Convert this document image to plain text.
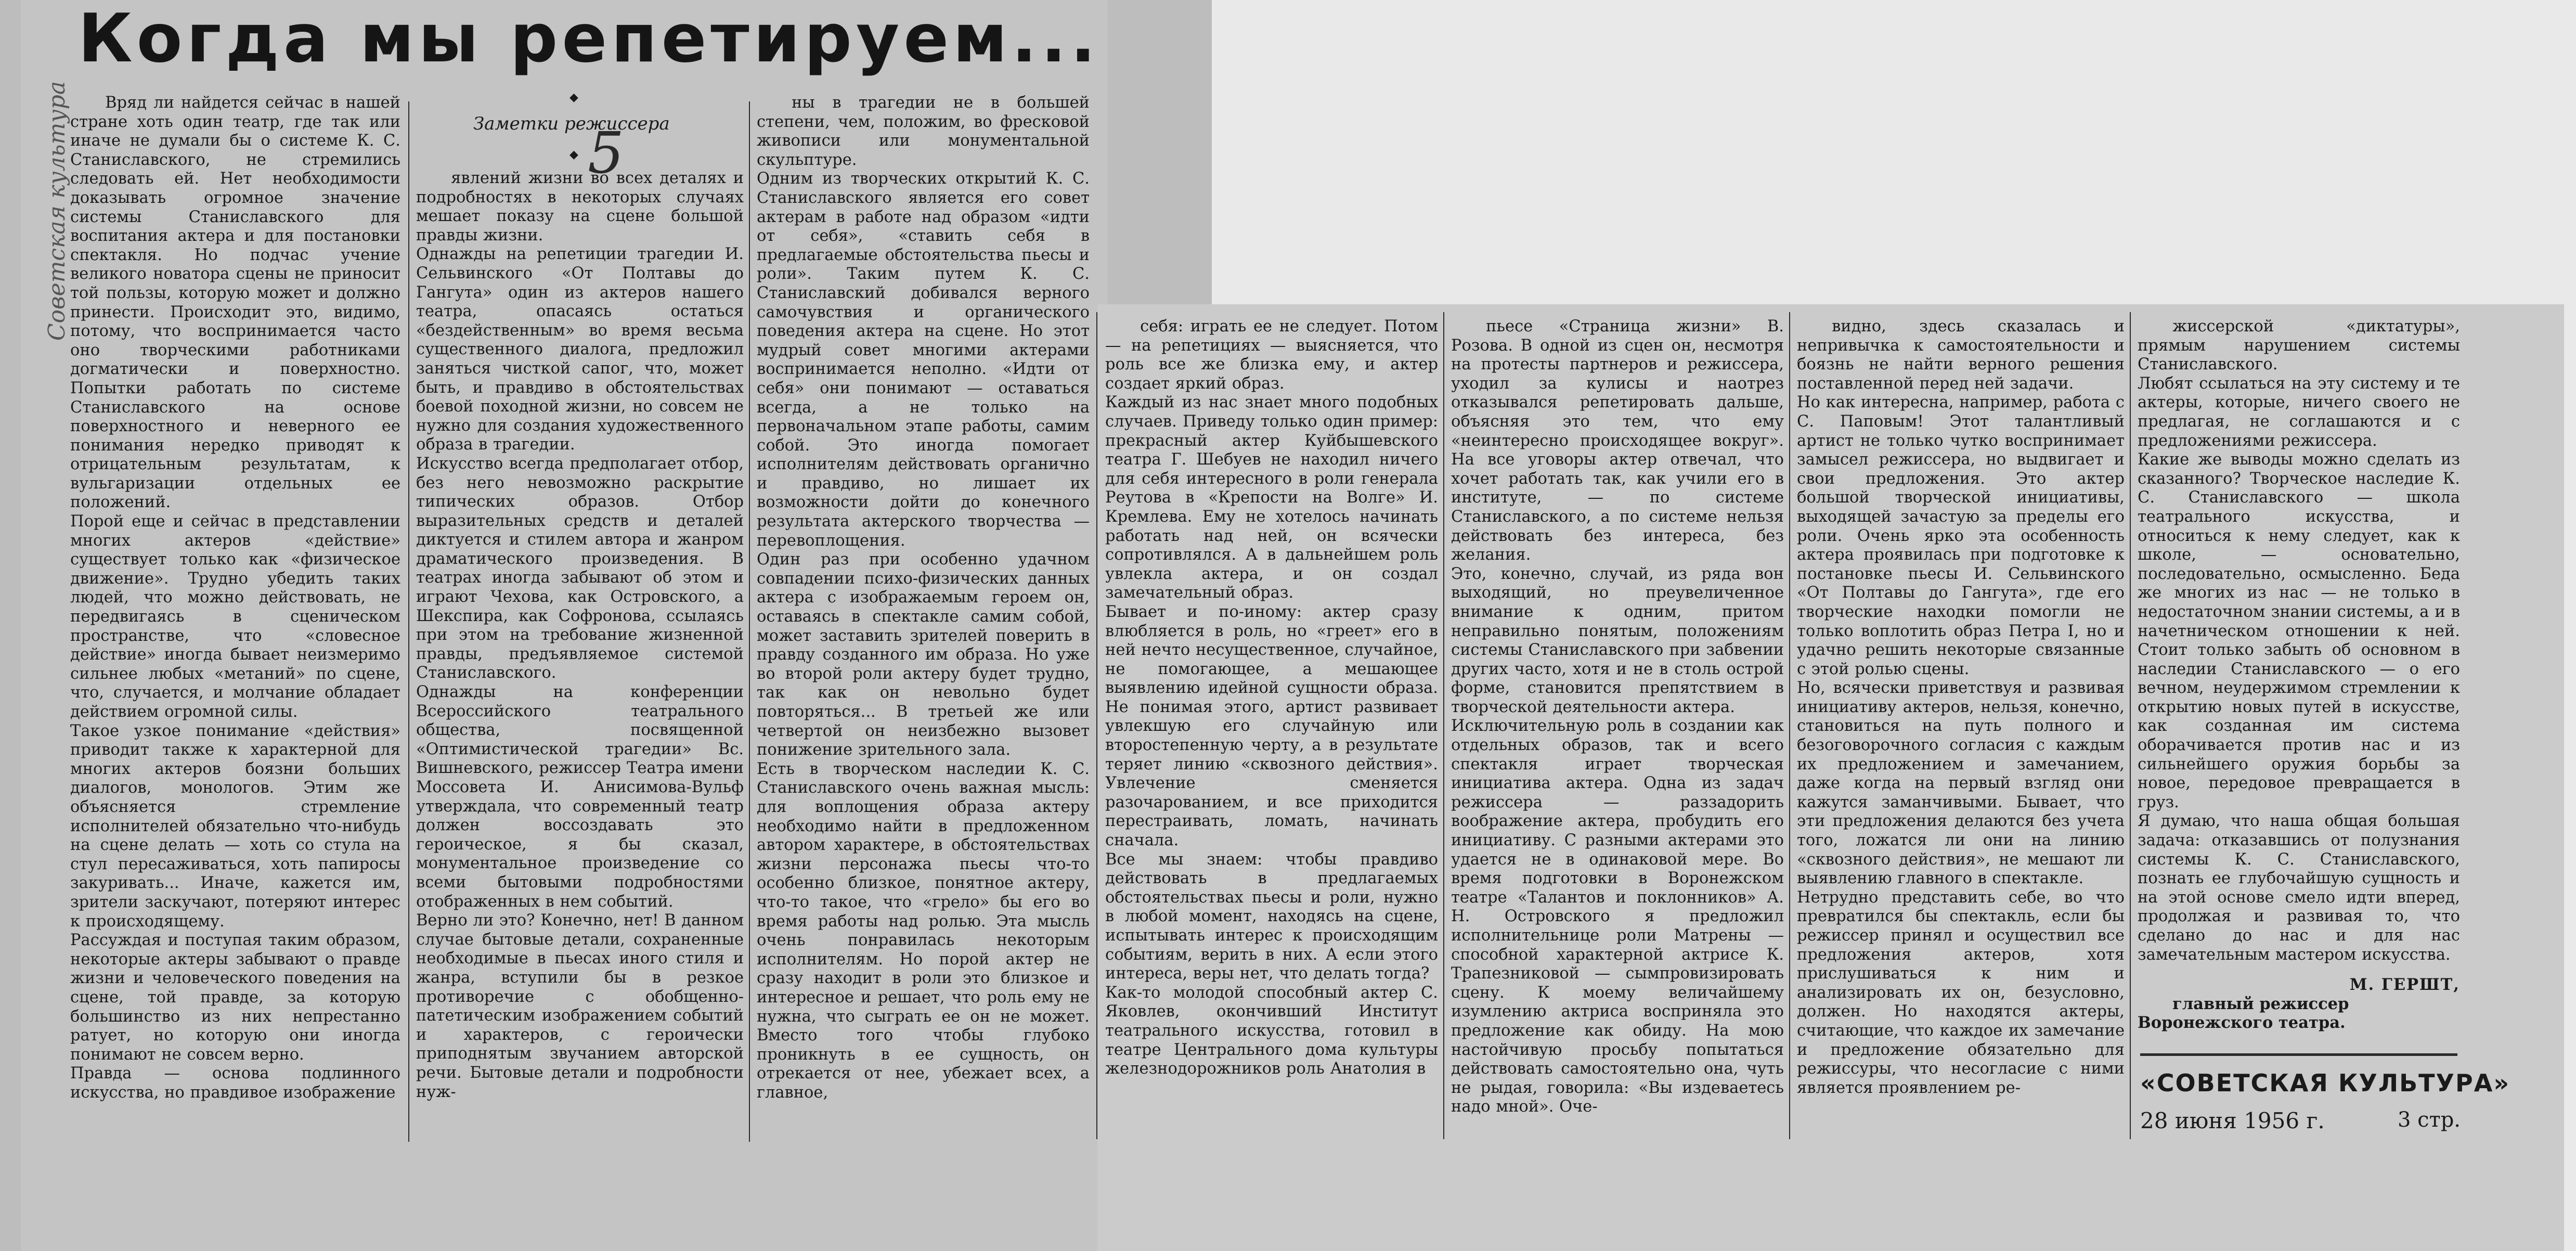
Советская культура
Когда мы репетируем...
◆
Заметки режиссера
◆ 5

Вряд ли найдется сейчас в нашей стране хоть один театр, где так или иначе не думали бы о системе К. С. Станиславского, не стремились следовать ей. Нет необходимости доказывать огромное значение системы Станиславского для воспитания актера и для постановки спектакля. Но подчас учение великого новатора сцены не приносит той пользы, которую может и должно принести. Происходит это, видимо, потому, что воспринимается часто оно творческими работниками догматически и поверхностно. Попытки работать по системе Станиславского на основе поверхностного и неверного ее понимания нередко приводят к отрицательным результатам, к вульгаризации отдельных ее положений.
Порой еще и сейчас в представлении многих актеров «действие» существует только как «физическое движение». Трудно убедить таких людей, что можно действовать, не передвигаясь в сценическом пространстве, что «словесное действие» иногда бывает неизмеримо сильнее любых «метаний» по сцене, что, случается, и молчание обладает действием огромной силы.
Такое узкое понимание «действия» приводит также к характерной для многих актеров боязни больших диалогов, монологов. Этим же объясняется стремление исполнителей обязательно что-нибудь на сцене делать — хоть со стула на стул пересаживаться, хоть папиросы закуривать... Иначе, кажется им, зрители заскучают, потеряют интерес к происходящему.
Рассуждая и поступая таким образом, некоторые актеры забывают о правде жизни и человеческого поведения на сцене, той правде, за которую большинство из них непрестанно ратует, но которую они иногда понимают не совсем верно.
Правда — основа подлинного искусства, но правдивое изображение

явлений жизни во всех деталях и подробностях в некоторых случаях мешает показу на сцене большой правды жизни.
Однажды на репетиции трагедии И. Сельвинского «От Полтавы до Гангута» один из актеров нашего театра, опасаясь остаться «бездейственным» во время весьма существенного диалога, предложил заняться чисткой сапог, что, может быть, и правдиво в обстоятельствах боевой походной жизни, но совсем не нужно для создания художественного образа в трагедии.
Искусство всегда предполагает отбор, без него невозможно раскрытие типических образов. Отбор выразительных средств и деталей диктуется и стилем автора и жанром драматического произведения. В театрах иногда забывают об этом и играют Чехова, как Островского, а Шекспира, как Софронова, ссылаясь при этом на требование жизненной правды, предъявляемое системой Станиславского.
Однажды на конференции Всероссийского театрального общества, посвященной «Оптимистической трагедии» Вс. Вишневского, режиссер Театра имени Моссовета И. Анисимова-Вульф утверждала, что современный театр должен воссоздавать это героическое, я бы сказал, монументальное произведение со всеми бытовыми подробностями отображенных в нем событий.
Верно ли это? Конечно, нет! В данном случае бытовые детали, сохраненные необходимые в пьесах иного стиля и жанра, вступили бы в резкое противоречие с обобщенно-патетическим изображением событий и характеров, с героически приподнятым звучанием авторской речи. Бытовые детали и подробности нуж-

ны в трагедии не в большей степени, чем, положим, во фресковой живописи или монументальной скульптуре.
Одним из творческих открытий К. С. Станиславского является его совет актерам в работе над образом «идти от себя», «ставить себя в предлагаемые обстоятельства пьесы и роли». Таким путем К. С. Станиславский добивался верного самочувствия и органического поведения актера на сцене. Но этот мудрый совет многими актерами воспринимается неполно. «Идти от себя» они понимают — оставаться всегда, а не только на первоначальном этапе работы, самим собой. Это иногда помогает исполнителям действовать органично и правдиво, но лишает их возможности дойти до конечного результата актерского творчества — перевоплощения.
Один раз при особенно удачном совпадении психо-физических данных актера с изображаемым героем он, оставаясь в спектакле самим собой, может заставить зрителей поверить в правду созданного им образа. Но уже во второй роли актеру будет трудно, так как он невольно будет повторяться... В третьей же или четвертой он неизбежно вызовет понижение зрительного зала.
Есть в творческом наследии К. С. Станиславского очень важная мысль: для воплощения образа актеру необходимо найти в предложенном автором характере, в обстоятельствах жизни персонажа пьесы что-то особенно близкое, понятное актеру, что-то такое, что «грело» бы его во время работы над ролью. Эта мысль очень понравилась некоторым исполнителям. Но порой актер не сразу находит в роли это близкое и интересное и решает, что роль ему не нужна, что сыграть ее он не может. Вместо того чтобы глубоко проникнуть в ее сущность, он отрекается от нее, убежает всех, а главное,

себя: играть ее не следует. Потом — на репетициях — выясняется, что роль все же близка ему, и актер создает яркий образ.
Каждый из нас знает много подобных случаев. Приведу только один пример: прекрасный актер Куйбышевского театра Г. Шебуев не находил ничего для себя интересного в роли генерала Реутова в «Крепости на Волге» И. Кремлева. Ему не хотелось начинать работать над ней, он всячески сопротивлялся. А в дальнейшем роль увлекла актера, и он создал замечательный образ.
Бывает и по-иному: актер сразу влюбляется в роль, но «греет» его в ней нечто несущественное, случайное, не помогающее, а мешающее выявлению идейной сущности образа. Не понимая этого, артист развивает увлекшую его случайную или второстепенную черту, а в результате теряет линию «сквозного действия». Увлечение сменяется разочарованием, и все приходится перестраивать, ломать, начинать сначала.
Все мы знаем: чтобы правдиво действовать в предлагаемых обстоятельствах пьесы и роли, нужно в любой момент, находясь на сцене, испытывать интерес к происходящим событиям, верить в них. А если этого интереса, веры нет, что делать тогда?
Как-то молодой способный актер С. Яковлев, окончивший Институт театрального искусства, готовил в театре Центрального дома культуры железнодорожников роль Анатолия в

пьесе «Страница жизни» В. Розова. В одной из сцен он, несмотря на протесты партнеров и режиссера, уходил за кулисы и наотрез отказывался репетировать дальше, объясняя это тем, что ему «неинтересно происходящее вокруг». На все уговоры актер отвечал, что хочет работать так, как учили его в институте, — по системе Станиславского, а по системе нельзя действовать без интереса, без желания.
Это, конечно, случай, из ряда вон выходящий, но преувеличенное внимание к одним, притом неправильно понятым, положениям системы Станиславского при забвении других часто, хотя и не в столь острой форме, становится препятствием в творческой деятельности актера.
Исключительную роль в создании как отдельных образов, так и всего спектакля играет творческая инициатива актера. Одна из задач режиссера — раззадорить воображение актера, пробудить его инициативу. С разными актерами это удается не в одинаковой мере. Во время подготовки в Воронежском театре «Талантов и поклонников» А. Н. Островского я предложил исполнительнице роли Матрены — способной характерной актрисе К. Трапезниковой — сымпровизировать сцену. К моему величайшему изумлению актриса восприняла это предложение как обиду. На мою настойчивую просьбу попытаться действовать самостоятельно она, чуть не рыдая, говорила: «Вы издеваетесь надо мной». Оче-

видно, здесь сказалась и непривычка к самостоятельности и боязнь не найти верного решения поставленной перед ней задачи.
Но как интересна, например, работа с С. Паповым! Этот талантливый артист не только чутко воспринимает замысел режиссера, но выдвигает и свои предложения. Это актер большой творческой инициативы, выходящей зачастую за пределы его роли. Очень ярко эта особенность актера проявилась при подготовке к постановке пьесы И. Сельвинского «От Полтавы до Гангута», где его творческие находки помогли не только воплотить образ Петра I, но и удачно решить некоторые связанные с этой ролью сцены.
Но, всячески приветствуя и развивая инициативу актеров, нельзя, конечно, становиться на путь полного и безоговорочного согласия с каждым их предложением и замечанием, даже когда на первый взгляд они кажутся заманчивыми. Бывает, что эти предложения делаются без учета того, ложатся ли они на линию «сквозного действия», не мешают ли выявлению главного в спектакле.
Нетрудно представить себе, во что превратился бы спектакль, если бы режиссер принял и осуществил все предложения актеров, хотя прислушиваться к ним и анализировать их он, безусловно, должен. Но находятся актеры, считающие, что каждое их замечание и предложение обязательно для режиссуры, что несогласие с ними является проявлением ре-

жиссерской «диктатуры», прямым нарушением системы Станиславского.
Любят ссылаться на эту систему и те актеры, которые, ничего своего не предлагая, не соглашаются и с предложениями режиссера.
Какие же выводы можно сделать из сказанного? Творческое наследие К. С. Станиславского — школа театрального искусства, и относиться к нему следует, как к школе, — основательно, последовательно, осмысленно. Беда же многих из нас — не только в недостаточном знании системы, а и в начетническом отношении к ней. Стоит только забыть об основном в наследии Станиславского — о его вечном, неудержимом стремлении к открытию новых путей в искусстве, как созданная им система оборачивается против нас и из сильнейшего оружия борьбы за новое, передовое превращается в груз.
Я думаю, что наша общая большая задача: отказавшись от полузнания системы К. С. Станиславского, познать ее глубочайшую сущность и на этой основе смело идти вперед, продолжая и развивая то, что сделано до нас и для нас замечательным мастером искусства.

М. ГЕРШТ,
главный режиссер Воронежского театра.
«СОВЕТСКАЯ КУЛЬТУРА»
28 июня 1956 г.	3 стр.
